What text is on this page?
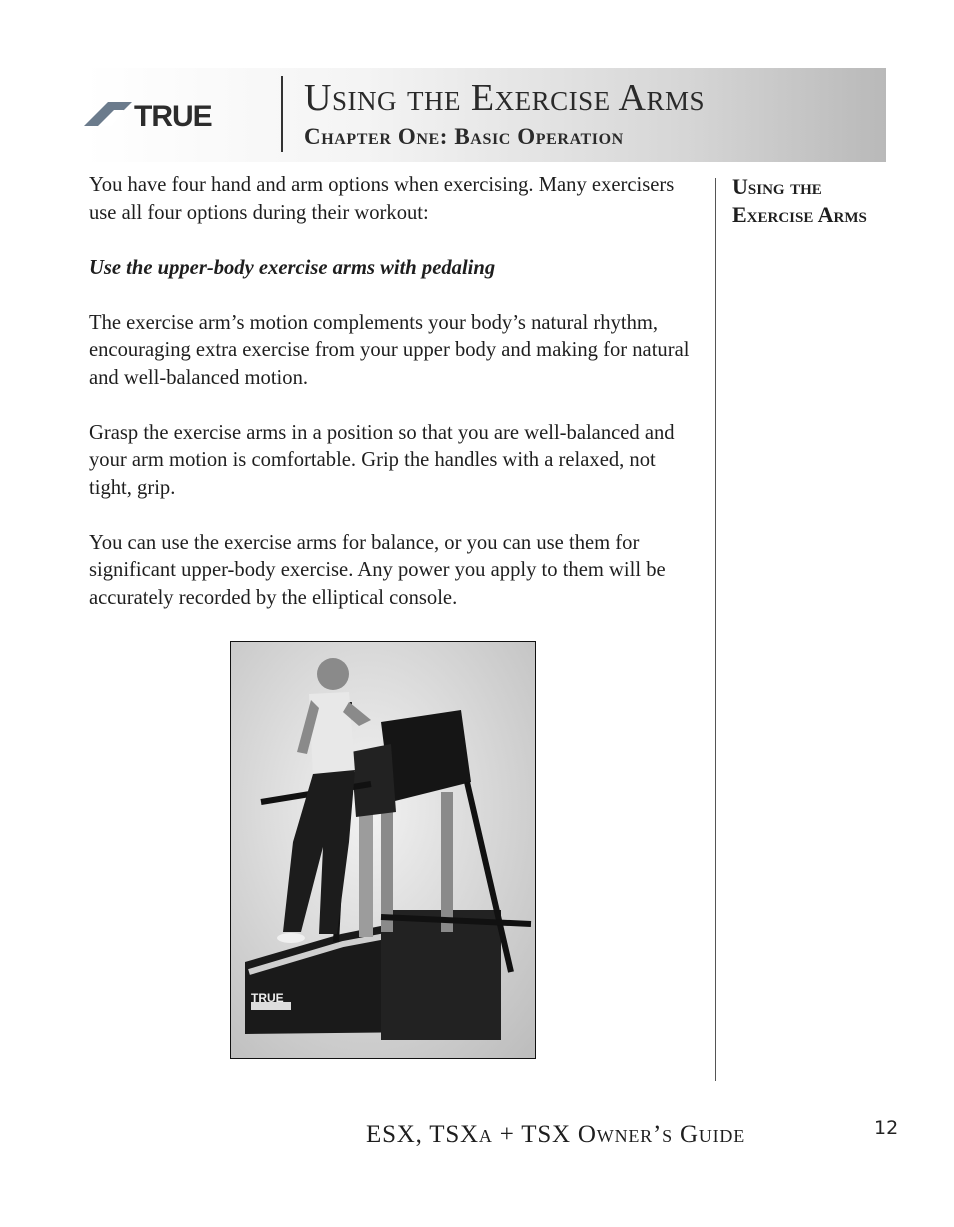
TRUE Using the Exercise Arms
Chapter One: Basic Operation

You have four hand and arm options when exercising. Many exercisers use all four options during their workout:

Use the upper-body exercise arms with pedaling

The exercise arm’s motion complements your body’s natural rhythm, encouraging extra exercise from your upper body and making for natural and well-balanced motion.

Grasp the exercise arms in a position so that you are well-balanced and your arm motion is comfortable. Grip the handles with a relaxed, not tight, grip.

You can use the exercise arms for balance, or you can use them for significant upper-body exercise. Any power you apply to them will be accurately recorded by the elliptical console.

TRUE
Using the Exercise Arms
ESX, TSXa + TSX Owner’s Guide	12
